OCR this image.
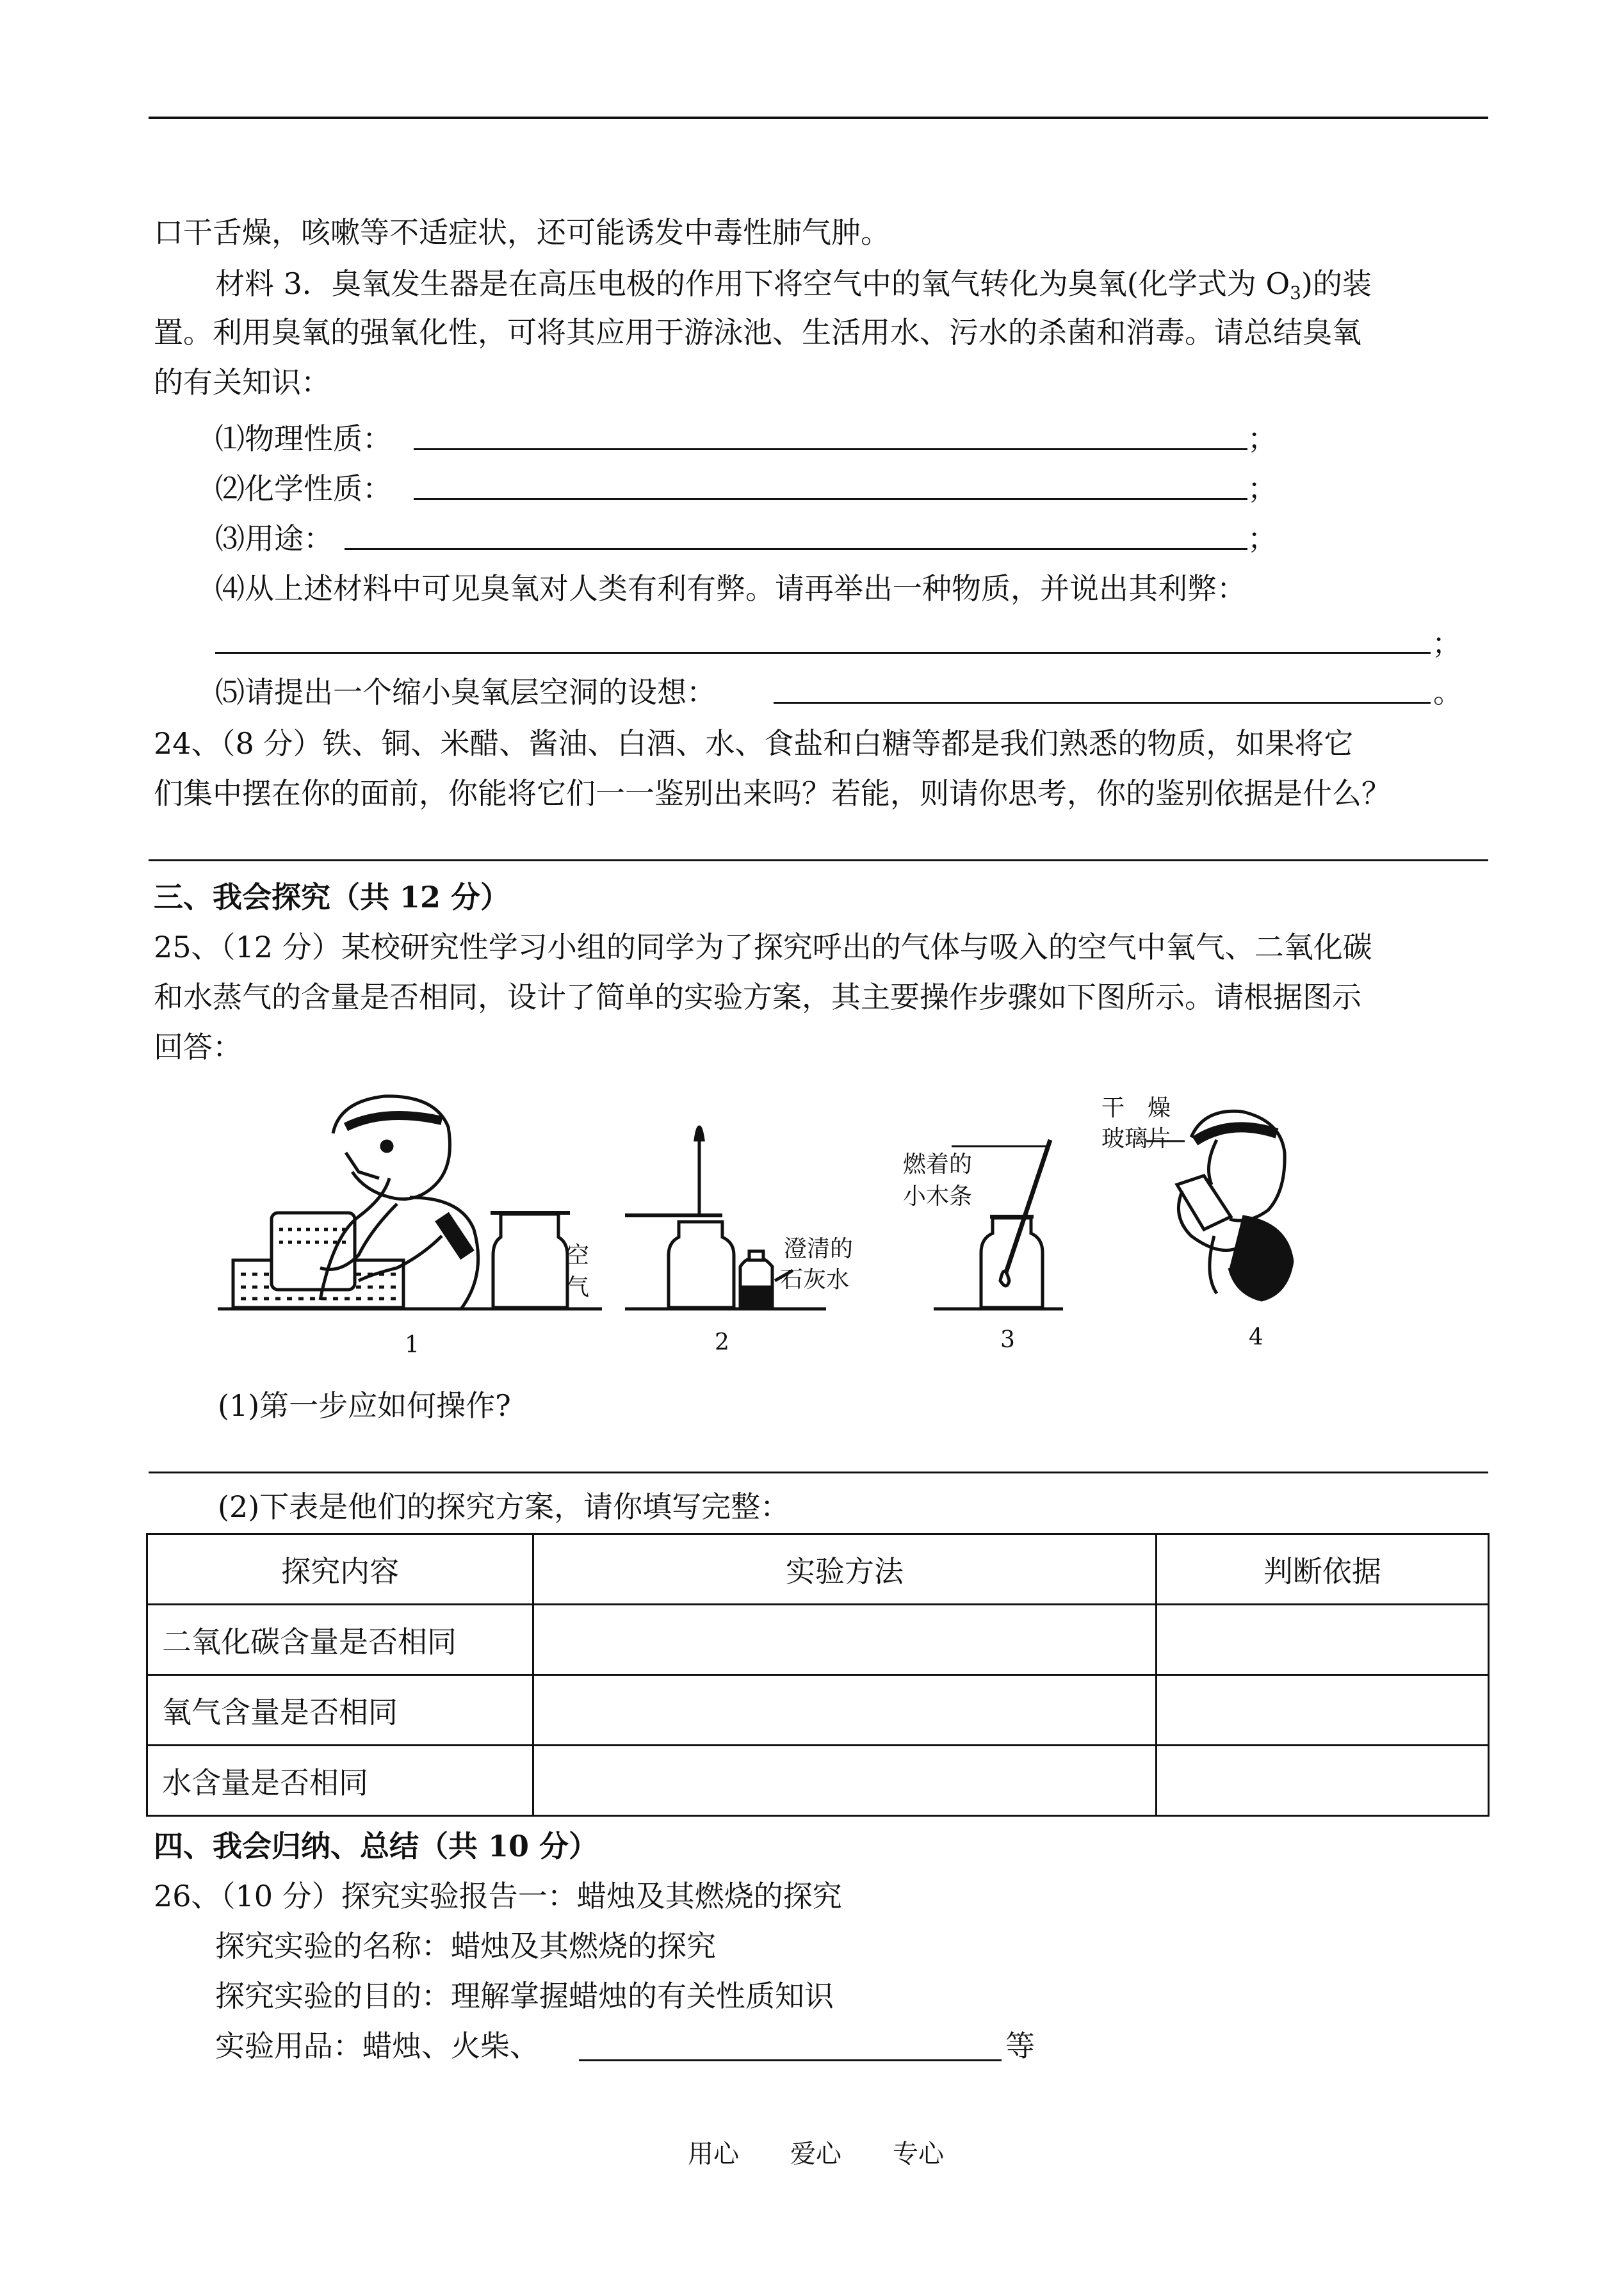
口干舌燥，咳嗽等不适症状，还可能诱发中毒性肺气肿。
材料 3．臭氧发生器是在高压电极的作用下将空气中的氧气转化为臭氧(化学式为 $O_3$)的装
置。利用臭氧的强氧化性，可将其应用于游泳池、生活用水、污水的杀菌和消毒。请总结臭氧
的有关知识：
⑴物理性质：	；
⑵化学性质：	；
⑶用途：	；
⑷从上述材料中可见臭氧对人类有利有弊。请再举出一种物质，并说出其利弊：
；
⑸请提出一个缩小臭氧层空洞的设想：	。
24、（8 分）铁、铜、米醋、酱油、白酒、水、食盐和白糖等都是我们熟悉的物质，如果将它
们集中摆在你的面前，你能将它们一一鉴别出来吗？若能，则请你思考，你的鉴别依据是什么？
三、我会探究（共 12 分）
25、（12 分）某校研究性学习小组的同学为了探究呼出的气体与吸入的空气中氧气、二氧化碳
和水蒸气的含量是否相同，设计了简单的实验方案，其主要操作步骤如下图所示。请根据图示
回答：
空
气
澄清的
石灰水
燃着的
小木条
干　燥
玻璃片
1	2	3	4
(1)第一步应如何操作?
(2)下表是他们的探究方案，请你填写完整：
探究内容	实验方法	判断依据
二氧化碳含量是否相同		
氧气含量是否相同		
水含量是否相同		
四、我会归纳、总结（共 10 分）
26、（10 分）探究实验报告一：蜡烛及其燃烧的探究
探究实验的名称：蜡烛及其燃烧的探究
探究实验的目的：理解掌握蜡烛的有关性质知识
实验用品：蜡烛、火柴、	等
用心　　爱心　　专心
